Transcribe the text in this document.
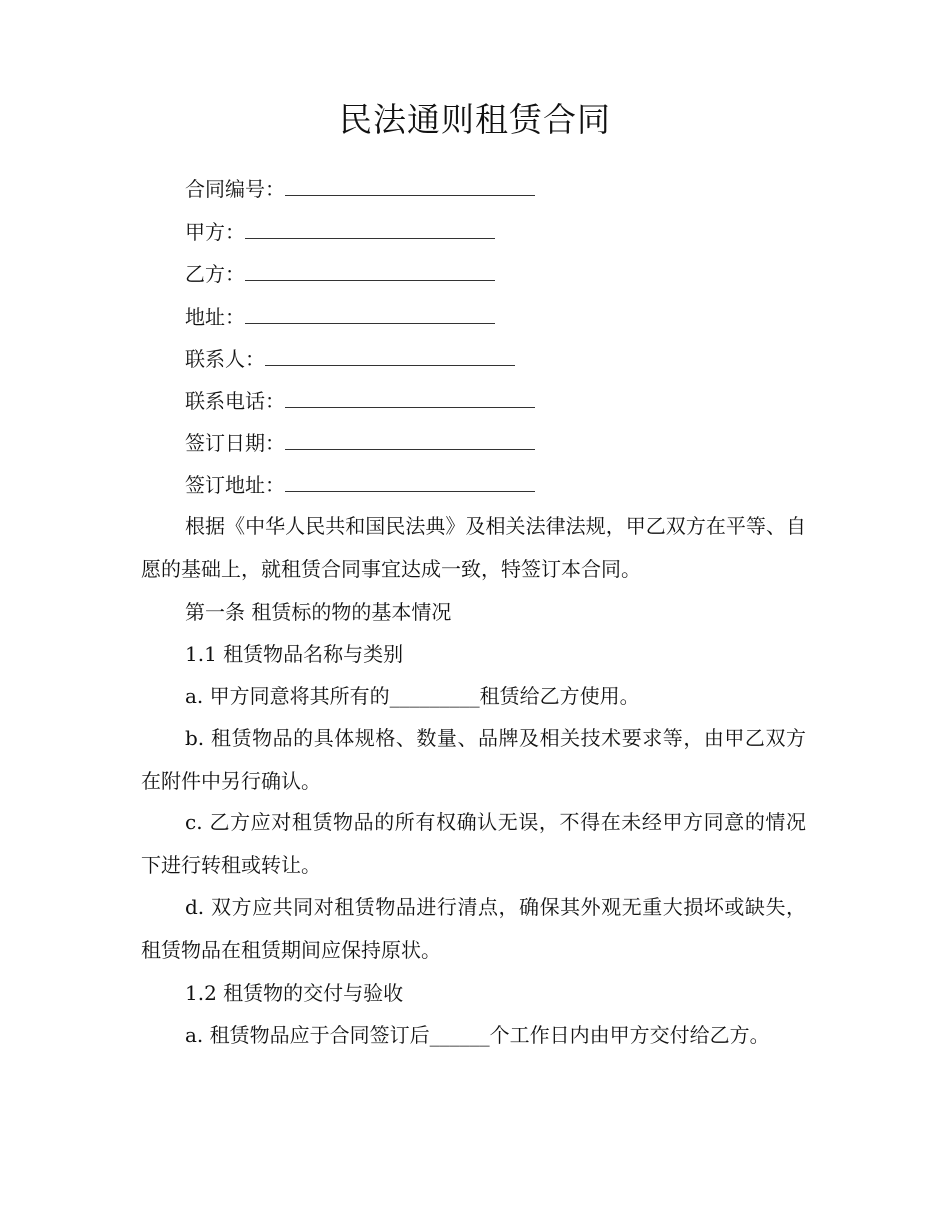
民法通则租赁合同
合同编号：
甲方：
乙方：
地址：
联系人：
联系电话：
签订日期：
签订地址：
根据《中华人民共和国民法典》及相关法律法规，甲乙双方在平等、自愿的基础上，就租赁合同事宜达成一致，特签订本合同。
第一条 租赁标的物的基本情况
1.1 租赁物品名称与类别
a. 甲方同意将其所有的_________租赁给乙方使用。
b. 租赁物品的具体规格、数量、品牌及相关技术要求等，由甲乙双方在附件中另行确认。
c. 乙方应对租赁物品的所有权确认无误，不得在未经甲方同意的情况下进行转租或转让。
d. 双方应共同对租赁物品进行清点，确保其外观无重大损坏或缺失，租赁物品在租赁期间应保持原状。
1.2 租赁物的交付与验收
a. 租赁物品应于合同签订后______个工作日内由甲方交付给乙方。
